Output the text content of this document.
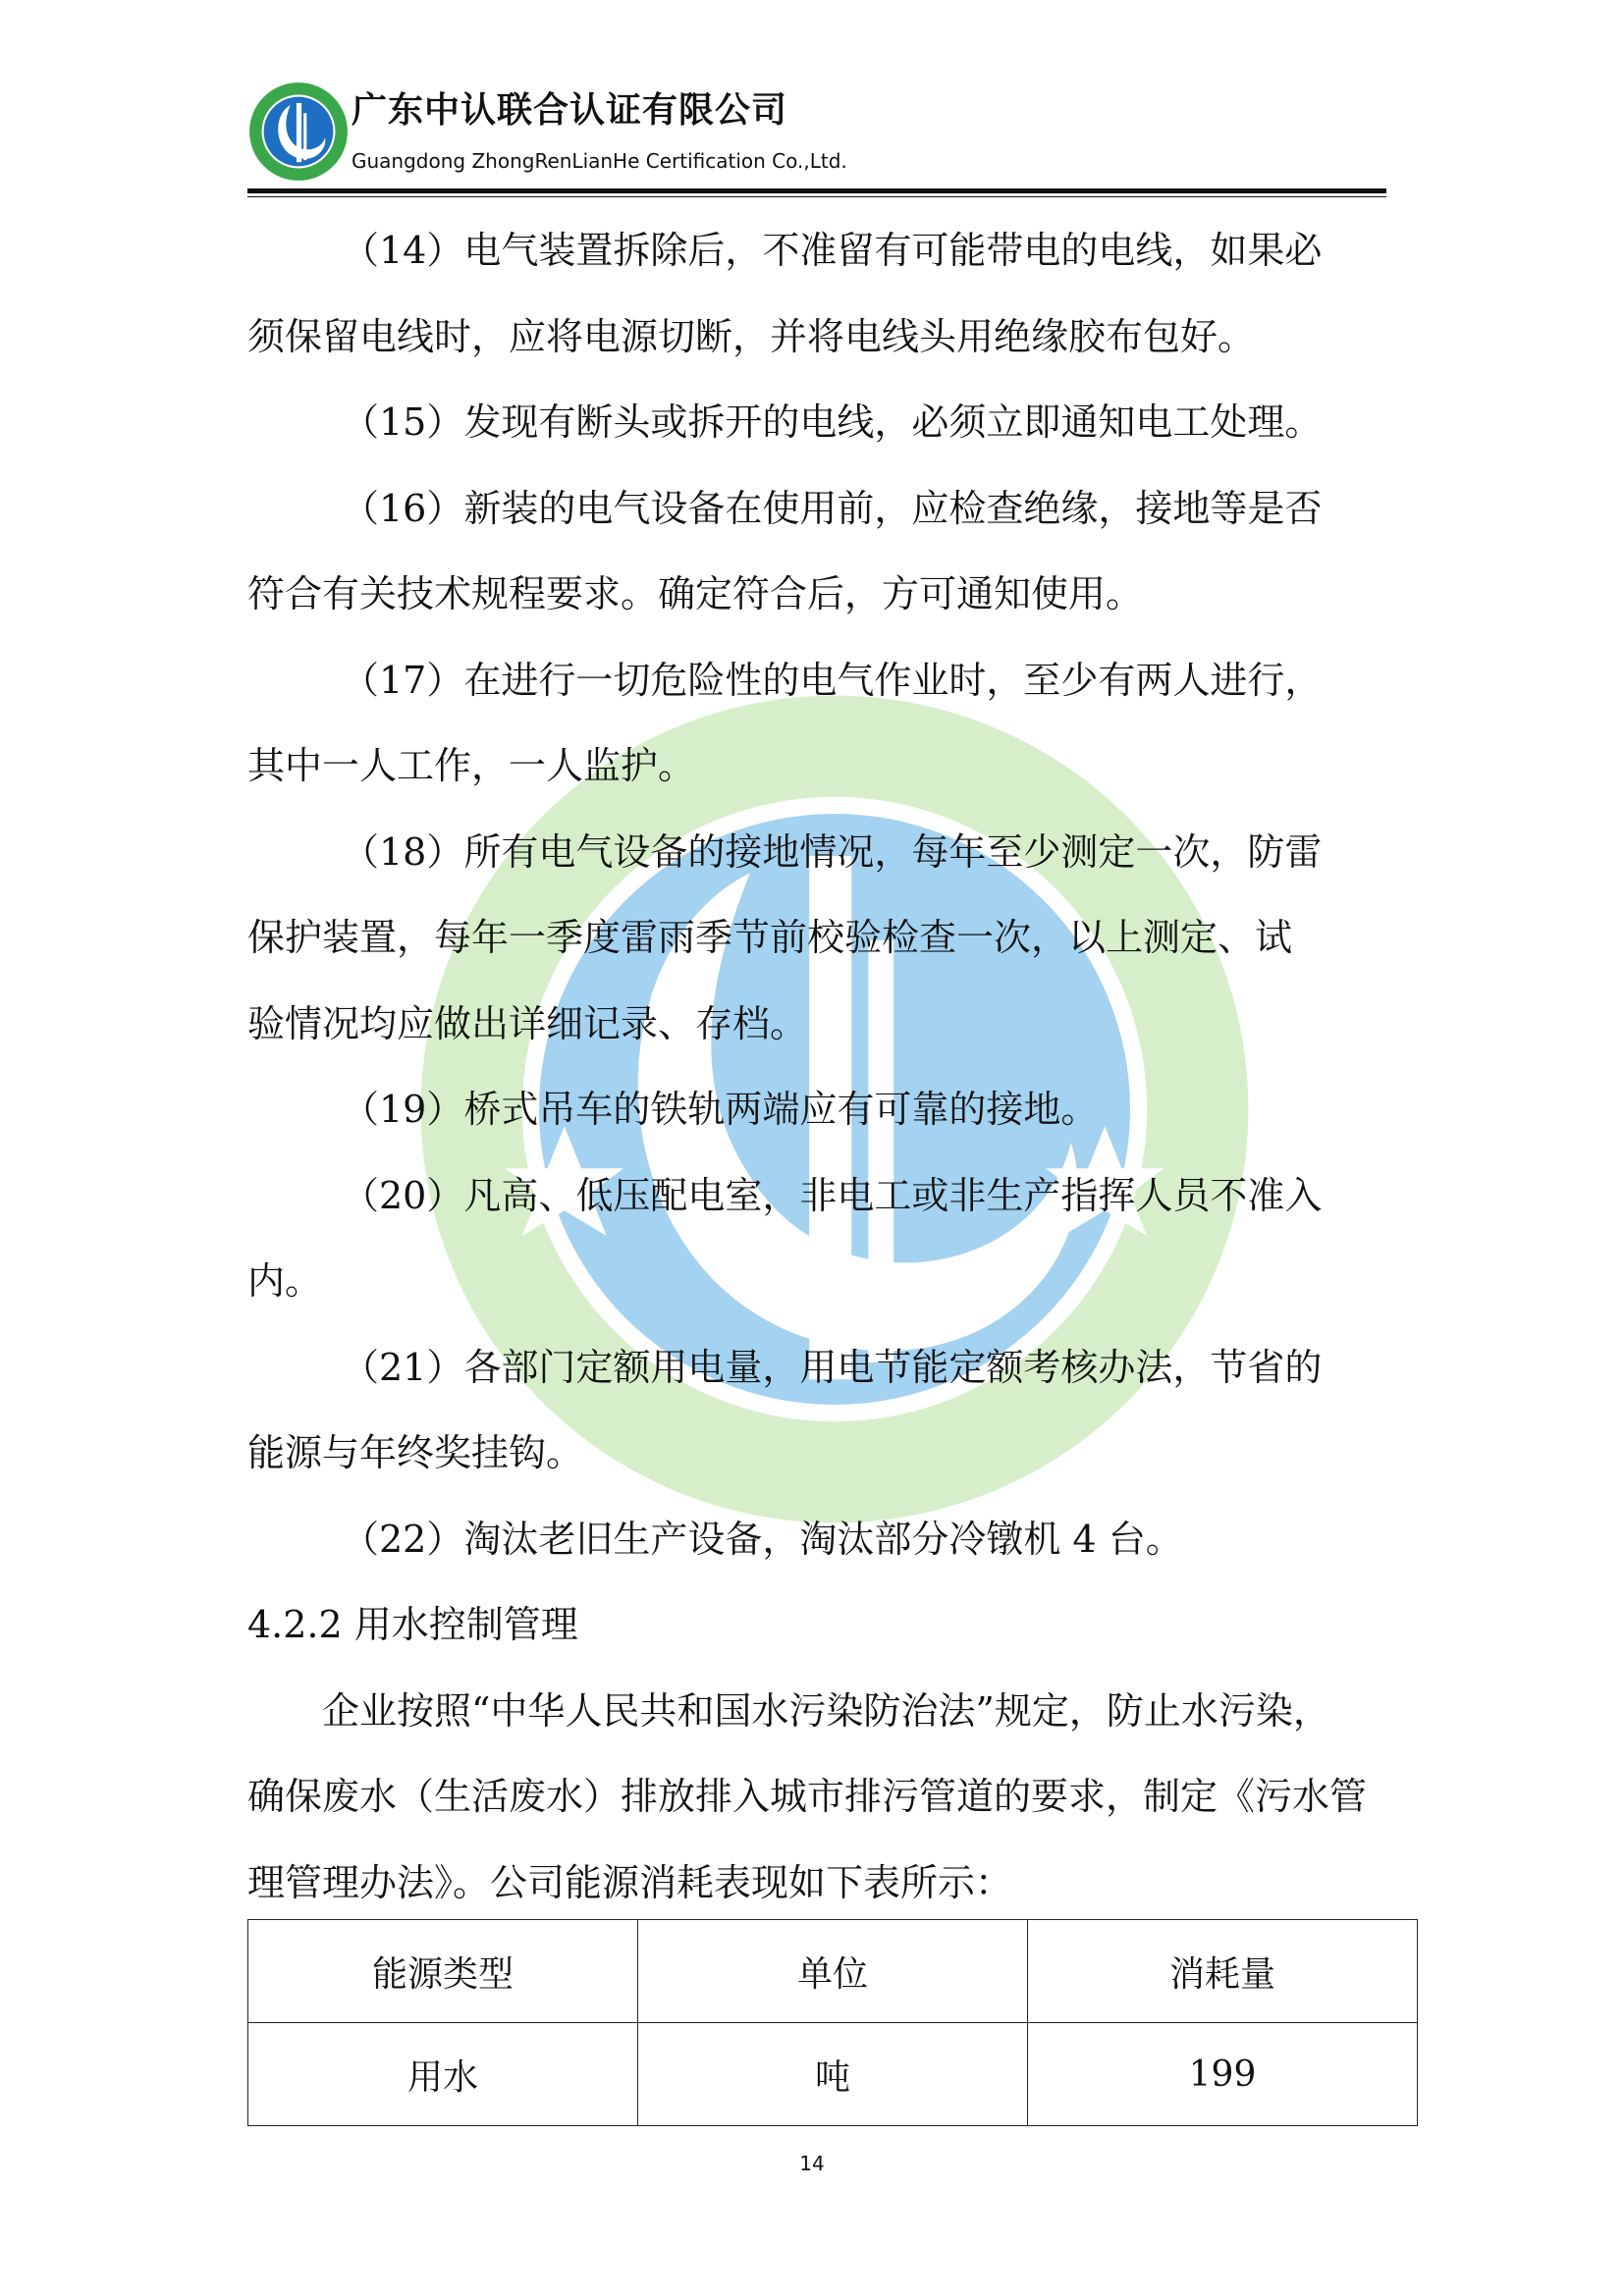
广东中认联合认证有限公司
Guangdong ZhongRenLianHe Certification Co.,Ltd.

（14）电气装置拆除后，不准留有可能带电的电线，如果必

须保留电线时，应将电源切断，并将电线头用绝缘胶布包好。

（15）发现有断头或拆开的电线，必须立即通知电工处理。

（16）新装的电气设备在使用前，应检查绝缘，接地等是否

符合有关技术规程要求。确定符合后，方可通知使用。

（17）在进行一切危险性的电气作业时，至少有两人进行，

其中一人工作，一人监护。

（18）所有电气设备的接地情况，每年至少测定一次，防雷

保护装置，每年一季度雷雨季节前校验检查一次，以上测定、试

验情况均应做出详细记录、存档。

（19）桥式吊车的铁轨两端应有可靠的接地。

（20）凡高、低压配电室，非电工或非生产指挥人员不准入

内。

（21）各部门定额用电量，用电节能定额考核办法，节省的

能源与年终奖挂钩。

（22）淘汰老旧生产设备，淘汰部分冷镦机 4 台。

4.2.2 用水控制管理

企业按照“中华人民共和国水污染防治法”规定，防止水污染，

确保废水（生活废水）排放排入城市排污管道的要求，制定《污水管

理管理办法》。公司能源消耗表现如下表所示：

能源类型	单位	消耗量
用水	吨	199
14
